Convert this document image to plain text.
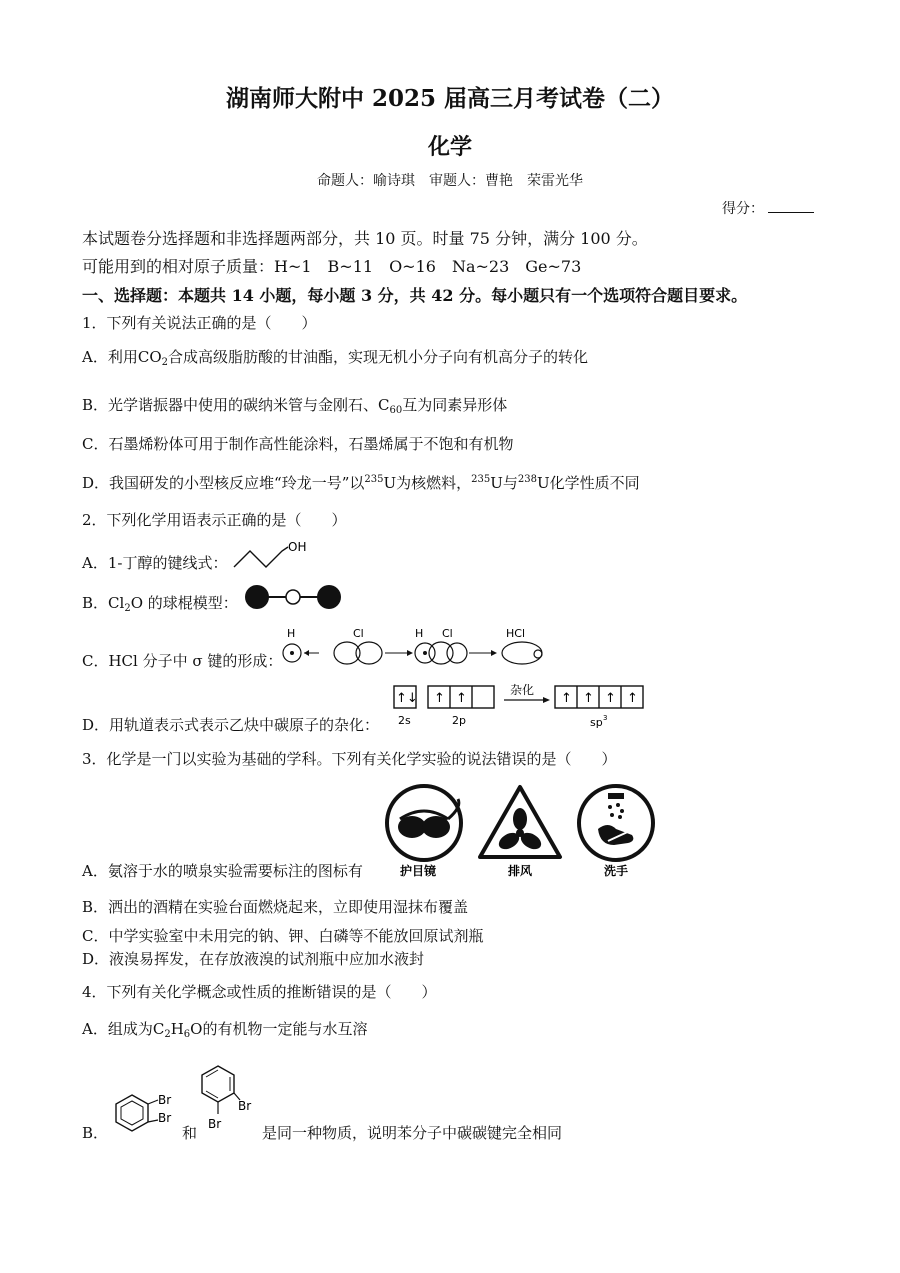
湖南师大附中 2025 届高三月考试卷（二）
化学
命题人：喻诗琪　审题人：曹艳　荣雷光华
得分：
本试题卷分选择题和非选择题两部分，共 10 页。时量 75 分钟，满分 100 分。
可能用到的相对原子质量：H~1　B~11　O~16　Na~23　Ge~73
一、选择题：本题共 14 小题，每小题 3 分，共 42 分。每小题只有一个选项符合题目要求。
1．下列有关说法正确的是（　　）
A．利用$CO_2$合成高级脂肪酸的甘油酯，实现无机小分子向有机高分子的转化
B．光学谐振器中使用的碳纳米管与金刚石、$C_{60}$互为同素异形体
C．石墨烯粉体可用于制作高性能涂料，石墨烯属于不饱和有机物
D．我国研发的小型核反应堆“玲龙一号”以$^{235}$U为核燃料，$^{235}$U与$^{238}$U化学性质不同
2．下列化学用语表示正确的是（　　）
A．1-丁醇的键线式：
OH
B．$Cl_2O$ 的球棍模型：
C．HCl 分子中 σ 键的形成：
H	Cl	H Cl	HCl
D．用轨道表示式表示乙炔中碳原子的杂化：
↑↓
2s
↑ ↑
2p
杂化
↑ ↑ ↑ ↑
sp 3
3．化学是一门以实验为基础的学科。下列有关化学实验的说法错误的是（　　）
A．氨溶于水的喷泉实验需要标注的图标有	护目镜	排风	洗手
B．洒出的酒精在实验台面燃烧起来，立即使用湿抹布覆盖
C．中学实验室中未用完的钠、钾、白磷等不能放回原试剂瓶
D．液溴易挥发，在存放液溴的试剂瓶中应加水液封
4．下列有关化学概念或性质的推断错误的是（　　）
A．组成为$C_2H_6O$的有机物一定能与水互溶
B．
Br
Br
和
Br
Br	是同一种物质，说明苯分子中碳碳键完全相同
